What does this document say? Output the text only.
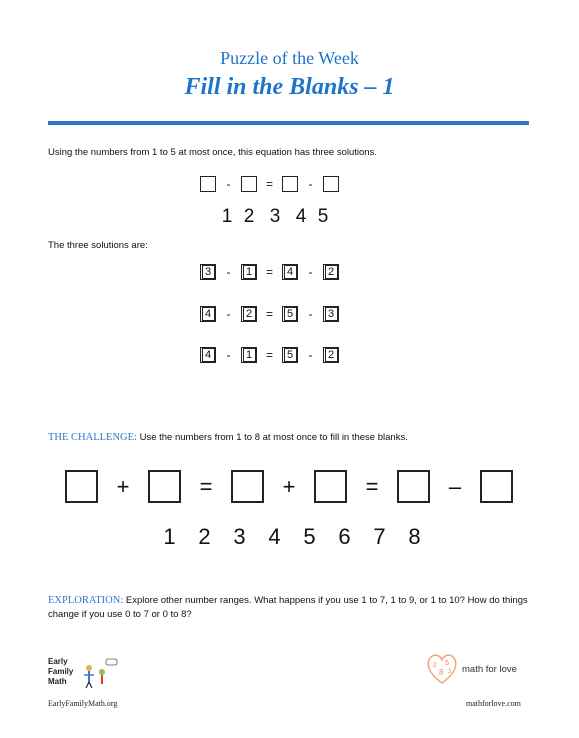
Puzzle of the Week
Fill in the Blanks – 1
Using the numbers from 1 to 5 at most once, this equation has three solutions.
-	=	-
1 2 3 4 5
The three solutions are:
3	-	1	=	4	-	2
4	-	2	=	5	-	3
4	-	1	=	5	-	2
THE CHALLENGE: Use the numbers from 1 to 8 at most once to fill in these blanks.
+	=	+	=	–
1 2 3 4 5 6 7 8
EXPLORATION: Explore other number ranges. What happens if you use 1 to 7, 1 to 9, or 1 to 10? How do things change if you use 0 to 7 or 0 to 8?
Early
Family
Math
EarlyFamilyMath.org
2 5
8 3 math for love
mathforlove.com
